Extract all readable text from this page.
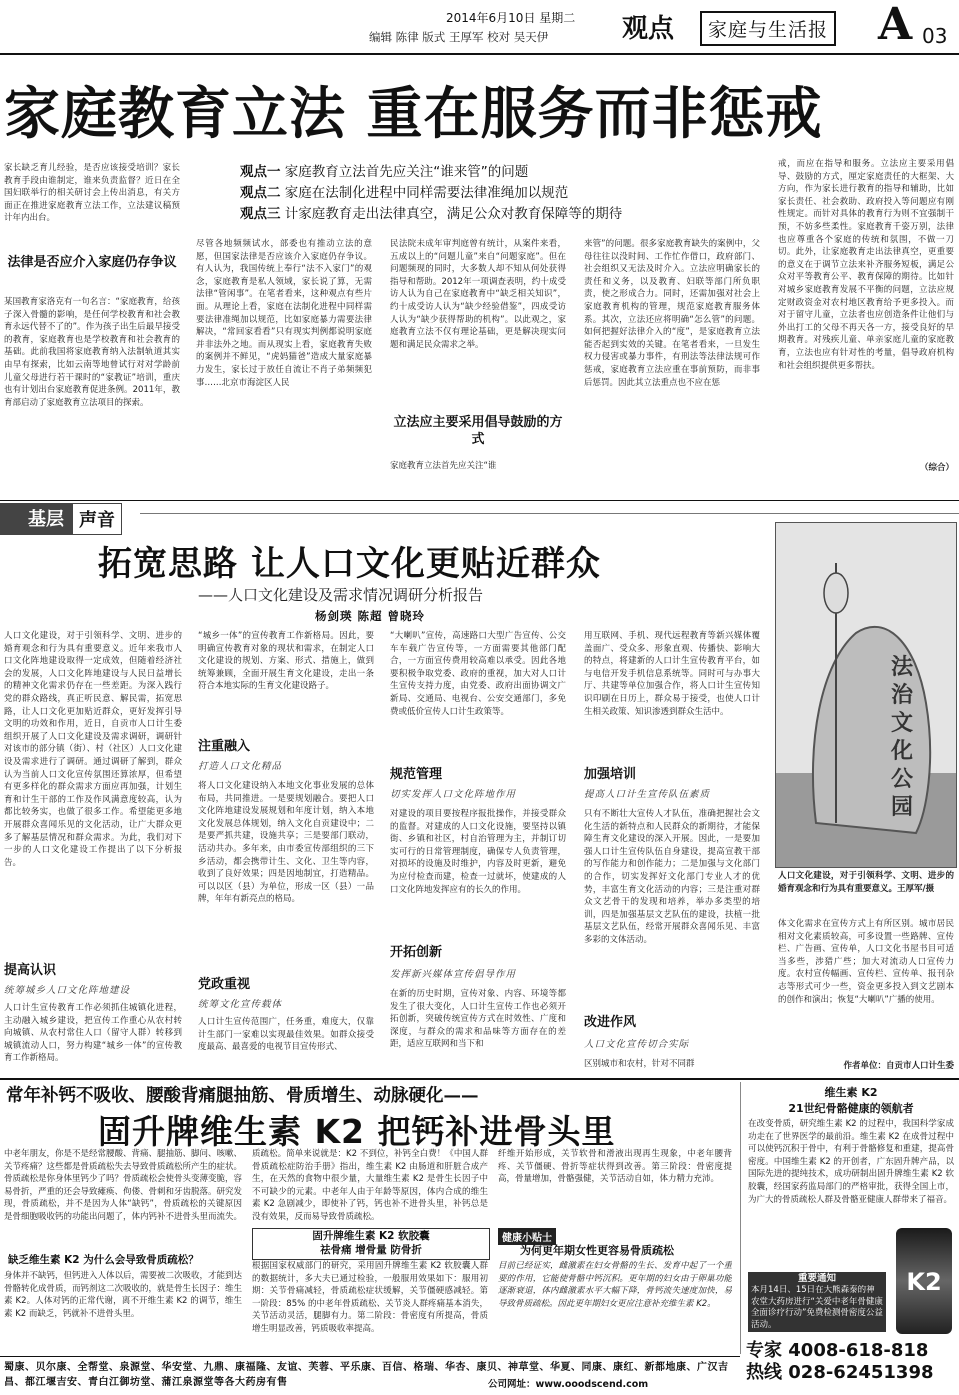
2014年6月10日 星期二
编辑 陈律 版式 王厚军 校对 吴天伊	观点	家庭与生活报 A 03
家庭教育立法 重在服务而非惩戒
家长缺乏育儿经验，是否应该接受培训？家长教育手段由谁制定，谁来负责监督？近日在全国妇联举行的相关研讨会上传出消息，有关方面正在推进家庭教育立法工作，立法建议稿预计年内出台。
观点一 家庭教育立法首先应关注“谁来管”的问题
观点二 家庭在法制化进程中同样需要法律准绳加以规范
观点三 计家庭教育走出法律真空，满足公众对教育保障等的期待
法律是否应介入家庭仍存争议
某国教育家洛克有一句名言：“家庭教育，给孩子深入骨髓的影响，是任何学校教育和社会教育永远代替不了的”。作为孩子出生后最早接受的教育，家庭教育也是学校教育和社会教育的基础。此前我国将家庭教育纳入法制轨道其实由早有探索，比如云南等地曾试行对对学龄前儿童父母进行若干课时的“家教证”培训，重庆也有计划出台家庭教育促进条例。2011年，教育部启动了家庭教育立法项目的探索。
尽管各地频频试水，部委也有推动立法的意愿，但国家法律是否应该介入家庭仍存争议。有人认为，我国传统上奉行“法不入家门”的观念，家庭教育是私人领域，家长说了算，无需法律“管闲事”。在笔者看来，这种观点有些片面。从理论上看，家庭在法制化进程中同样需要法律准绳加以规范，比如家庭暴力需要法律解决，“常回家看看”只有现实判例都说明家庭并非法外之地。而从现实上看，家庭教育失败的案例并不鲜见，“虎妈猫爸”造成大量家庭暴力发生，家长过于放任自流让不肖子弟频频犯事……北京市海淀区人民
民法院未成年审判庭曾有统计，从案件来看，五成以上的“问题儿童”来自“问题家庭”。但在问题频现的同时，大多数人却不知从何处获得指导和帮助。2012年一项调查表明，约十成受访人认为自己在家庭教育中“缺乏相关知识”，约十成受访人认为“缺少经验借鉴”，四成受访人认为“缺少获得帮助的机构”。以此观之，家庭教育立法不仅有理论基础，更是解决现实问题和满足民众需求之举。
立法应主要采用倡导鼓励的方式
家庭教育立法首先应关注“谁
来管”的问题。很多家庭教育缺失的案例中，父母往往以没时间、工作忙作借口，政府部门、社会组织又无法及时介入。立法应明确家长的责任和义务，以及教育、妇联等部门所负职责，使之形成合力。同时，还需加强对社会上家庭教育机构的管理，规范家庭教育服务体系。其次，立法还应将明确“怎么管”的问题。如何把握好法律介入的“度”，是家庭教育立法能否起到实效的关键。在笔者看来，一旦发生权力侵害或暴力事件，有刑法等法律法规可作惩戒，家庭教育立法应重在事前预防，而非事后惩罚。因此其立法重点也不应在惩
戒，而应在指导和服务。立法应主要采用倡导、鼓励的方式，厘定家庭责任的大框架、大方向，作为家长进行教育的指导和辅助，比如家长责任、社会救助、政府投入等问题应有刚性规定。而针对具体的教育行为则不宜强制干预，不妨多些柔性。家庭教育千姿万别，法律也应尊重各个家庭的传统和氛围，不做一刀切。此外，让家庭教育走出法律真空，更重要的意义在于调节立法来补齐服务短板，满足公众对平等教育公平、教育保障的期待。比如针对城乡家庭教育发展不平衡的问题，立法应规定财政资金对农村地区教育给予更多投入。而对于留守儿童，立法者也应创造条件让他们与外出打工的父母不再天各一方，接受良好的早期教育。对残疾儿童、单亲家庭儿童的家庭教育，立法也应有针对性的考量，倡导政府机构和社会组织提供更多帮扶。
（综合）
基层 声音
拓宽思路 让人口文化更贴近群众
——人口文化建设及需求情况调研分析报告
杨剑瑛 陈超 曾晓玲
人口文化建设，对于引领科学、文明、进步的婚育观念和行为具有重要意义。近年来我市人口文化阵地建设取得一定成效，但随着经济社会的发展，人口文化阵地建设与人民日益增长的精神文化需求仍存在一些差距。为深入践行党的群众路线，真正听民意、解民需，拓宽思路，让人口文化更加贴近群众，更好发挥引导文明的功效和作用，近日，自贡市人口计生委组织开展了人口文化建设及需求调研，调研针对该市的部分镇（街）、村（社区）人口文化建设及需求进行了调研。通过调研了解到，群众认为当前人口文化宣传氛围还算浓厚，但希望有更多样化的群众需求方面应再加强，计划生育和计生干部的工作及作风满意度较高，认为都比较务实，也做了很多工作。希望能更多地开展群众喜闻乐见的文化活动，让广大群众更多了解基层情况和群众需求。为此，我们对下一步的人口文化建设工作提出了以下分析报告。
提高认识
统筹城乡人口文化阵地建设
人口计生宣传教育工作必须抓住城镇化进程，主动融入城乡建设，把宣传工作重心从农村转向城镇、从农村常住人口（留守人群）转移到城镇流动人口，努力构建“城乡一体”的宣传教育工作新格局。
“城乡一体”的宣传教育工作新格局。因此，要明确宣传教育对象的现状和需求，在制定人口文化建设的规划、方案、形式、措施上，做到统筹兼顾，全面开展生育文化建设，走出一条符合本地实际的生育文化建设路子。
注重融入
打造人口文化精品
将人口文化建设纳入本地文化事业发展的总体布局，共同推进。一是要规划融合。要把人口文化阵地建设发展规划和年度计划，纳入本地文化发展总体规划，纳入文化自贡建设中；二是要严抓共建，设施共享；三是要部门联动，活动共办。多年来，由市委宣传部组织的三下乡活动，都会携带计生、文化、卫生等内容，收到了良好效果；四是因地制宜，打造精品。可以以区（县）为单位，形成一区（县）一品牌，年年有新亮点的格局。
党政重视
统筹文化宣传载体
人口计生宣传范围广，任务重，难度大，仅靠计生部门一家难以实现最佳效果。如群众接受度最高、最喜爱的电视节目宣传形式、
“大喇叭”宣传，高速路口大型广告宣传、公交车车载广告宣传等，一方面需要其他部门配合，一方面宣传费用较高难以承受。因此各地要积极争取党委、政府的重视，加大对人口计生宣传支持力度，由党委、政府出面协调文广新局、交通局、电视台、公安交通部门，多免费或低价宣传人口计生政策等。
规范管理
切实发挥人口文化阵地作用
对建设的项目要按程序报批操作，并接受群众的监督。对建成的人口文化设施，要坚持以镇街、乡镇和社区，村自治管理为主，并制订切实可行的日常管理制度，确保专人负责管理，对损坏的设施及时维护，内容及时更新，避免为应付检查而建，检查一过就坏，使建成的人口文化阵地发挥应有的长久的作用。
开拓创新
发挥新兴媒体宣传倡导作用
在新的历史时期，宣传对象、内容、环境等都发生了很大变化，人口计生宣传工作也必须开拓创新，突破传统宣传方式在时效性、广度和深度，与群众的需求和品味等方面存在的差距，适应互联网和当下和
用互联网、手机、现代远程教育等新兴媒体覆盖面广、受众多、形象直观、传播快、影响大的特点，将建新的人口计生宣传教育平台，如与电信开发手机信息系统等。同时可与办事大厅、共建等单位加强合作，将人口计生宣传知识印刷在日历上，群众易于接受，也使人口计生相关政策、知识渗透到群众生活中。
加强培训
提高人口计生宣传队伍素质
只有不断壮大宣传人才队伍，准确把握社会文化生活的新特点和人民群众的新期待，才能保障生育文化建设的深入开展。因此，一是要加强人口计生宣传队伍自身建设，提高宣教干部的写作能力和创作能力；二是加强与文化部门的合作，切实发挥好文化部门专业人才的优势，丰富生育文化活动的内容；三是注重对群众文艺骨干的发现和培养，举办多类型的培训，四是加强基层文艺队伍的建设，扶植一批基层文艺队伍，经常开展群众喜闻乐见、丰富多彩的文体活动。
改进作风
人口文化宣传切合实际
区别城市和农村，针对不同群
法治文化公园
人口文化建设，对于引领科学、文明、进步的婚育观念和行为具有重要意义。王厚军/摄
体文化需求在宣传方式上有所区别。城市居民相对文化素质较高，可多设置一些路牌、宣传栏、广告画、宣传单，人口文化书屋书目可适当多些，涉猎广些；加大对流动人口宣传力度。农村宣传幅画、宣传栏、宣传单、报刊杂志等形式可少一些，资金更多投入到文艺剧本的创作和演出；恢复“大喇叭”广播的使用。
作者单位：自贡市人口计生委
常年补钙不吸收、腰酸背痛腿抽筋、骨质增生、动脉硬化——
固升牌维生素 K2 把钙补进骨头里
中老年朋友，你是不是经常腰酸、背痛、腿抽筋、脚问、咳嗽、关节疼痛？这些都是骨质疏松失去导致骨质疏松所产生的症状。骨质疏松是你身体里钙少了吗？骨质疏松会使骨头变薄变脆，容易骨折，严重的还会导致瘫痪、佝偻、骨刺和牙齿脱落。研究发现，骨质疏松，并不是因为人体“缺钙”，骨质疏松的关键原因是骨细胞吸收钙的功能出问题了，体内钙补不进骨头里而流失。
缺乏维生素 K2 为什么会导致骨质疏松？
身体并不缺钙，但钙进入人体以后，需要被二次吸收，才能到达骨骼转化成骨质，而钙剂这二次吸收的，就是骨生长因子：维生素 K2。人体对钙的正常代谢，离不开维生素 K2 的调节，维生素 K2 而缺乏，钙就补不进骨头里。
质疏松。简单来说就是：K2 不到位，补钙全白费！《中国人群骨质疏松症防治手册》指出，维生素 K2 由肠道和肝脏合成产生，在天然的食物中很少量，大量维生素 K2 是骨生长因子中不可缺少的元素。中老年人由于年龄等原因，体内合成的维生素 K2 急剧减少，即使补了钙，钙也补不进骨头里，补钙总是没有效果，反而易导致骨质疏松。
固升牌维生素 K2 软胶囊
祛骨痛 增骨量 防骨折
根据国家权威部门的研究，采用固升牌维生素 K2 软胶囊人群的数据统计，多大夫已通过检验，一般服用效果如下：服用初期：关节骨痛减轻，骨质疏松症状缓解，关节僵硬感减轻。第一阶段：85% 的中老年骨质疏松、关节炎人群疼痛基本消失，关节活动灵活，腿脚有力。第二阶段：骨密度有所提高，骨质增生明显改善，钙质吸收率提高。
纤维开始形成，关节软骨和滑液出现再生现象，中老年腰背疼、关节僵硬、骨折等症状得到改善。第三阶段：骨密度提高，骨量增加，骨骼强健，关节活动自如，体力精力充沛。
健康小贴士
为何更年期女性更容易骨质疏松
目前已经证实，雌激素在妇女骨骼的生长、发育中起了一个重要的作用，它能使骨骼中钙沉积。更年期的妇女由于卵巢功能逐渐衰退，体内雌激素水平大幅下降，骨钙流失速度加快，易导致骨质疏松。因此更年期妇女更应注意补充维生素 K2。
维生素 K2
21世纪骨骼健康的领航者
在改变骨质，研究维生素 K2 的过程中，我国科学家成功走在了世界医学的最前沿。维生素 K2 在成骨过程中可以使钙沉积于骨中，有利于骨骼修复和重建，提高骨密度。中国维生素 K2 的开创者，广东固升牌产品，以国际先进的提纯技术，成功研制出固升牌维生素 K2 软胶囊，经国家药监局部门的严格审批，获得全国上市，为广大的骨质疏松人群及骨骼亚健康人群带来了福音。
重要通知
本月14日、15日在大熊森泰的神农堂大药房进行“关爱中老年骨健康全面诊疗行动”免费检测骨密度公益活动。
K2
专家 4008-618-818
热线 028-62451398
蜀康、贝尔康、全帮堂、泉源堂、华安堂、九鼎、康福隆、友谊、芙蓉、平乐康、百信、格瑞、华杏、康贝、神草堂、华夏、同康、康红、新都地康、广汉吉昌、都江堰吉安、青白江御坊堂、蒲江泉源堂等各大药房有售	公司网址：www.ooodscend.com
